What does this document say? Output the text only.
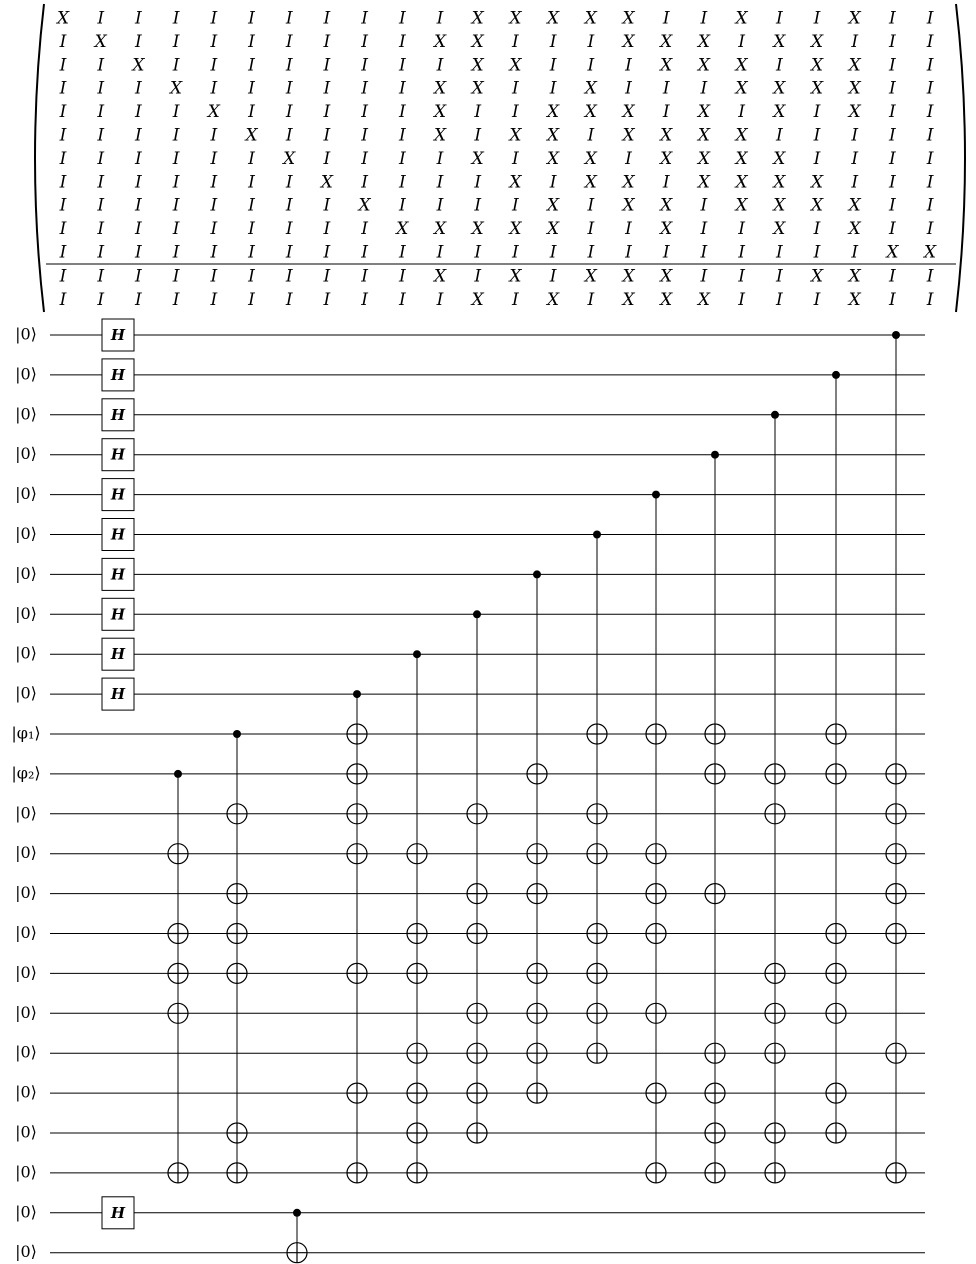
X I I I I I I I I I I X X X X X I I X I I X I I
I X I I I I I I I I X X I I I X X X I X X I I I
I I X I I I I I I I I X X I I I X X X I X X I I
I I I X I I I I I I X X I I X I I I X X X X I I
I I I I X I I I I I X I I X X X I X I X I X I I
I I I I I X I I I I X I X X I X X X X I I I I I
I I I I I I X I I I I X I X X I X X X X I I I I
I I I I I I I X I I I I X I X X I X X X X I I I
I I I I I I I I X I I I I X I X X I X X X X I I
I I I I I I I I I X X X X X I I X I I X I X I I
I I I I I I I I I I I I I I I I I I I I I I X X
I I I I I I I I I I X I X I X X X I I I X X I I
I I I I I I I I I I I X I X I X X X I I I X I I
|0⟩
|0⟩
|0⟩
|0⟩
|0⟩
|0⟩
|0⟩
|0⟩
|0⟩
|0⟩
|φ₁⟩
|φ₂⟩
|0⟩
|0⟩
|0⟩
|0⟩
|0⟩
|0⟩
|0⟩
|0⟩
|0⟩
|0⟩
|0⟩
|0⟩
H
H
H
H
H
H
H
H
H
H
H
